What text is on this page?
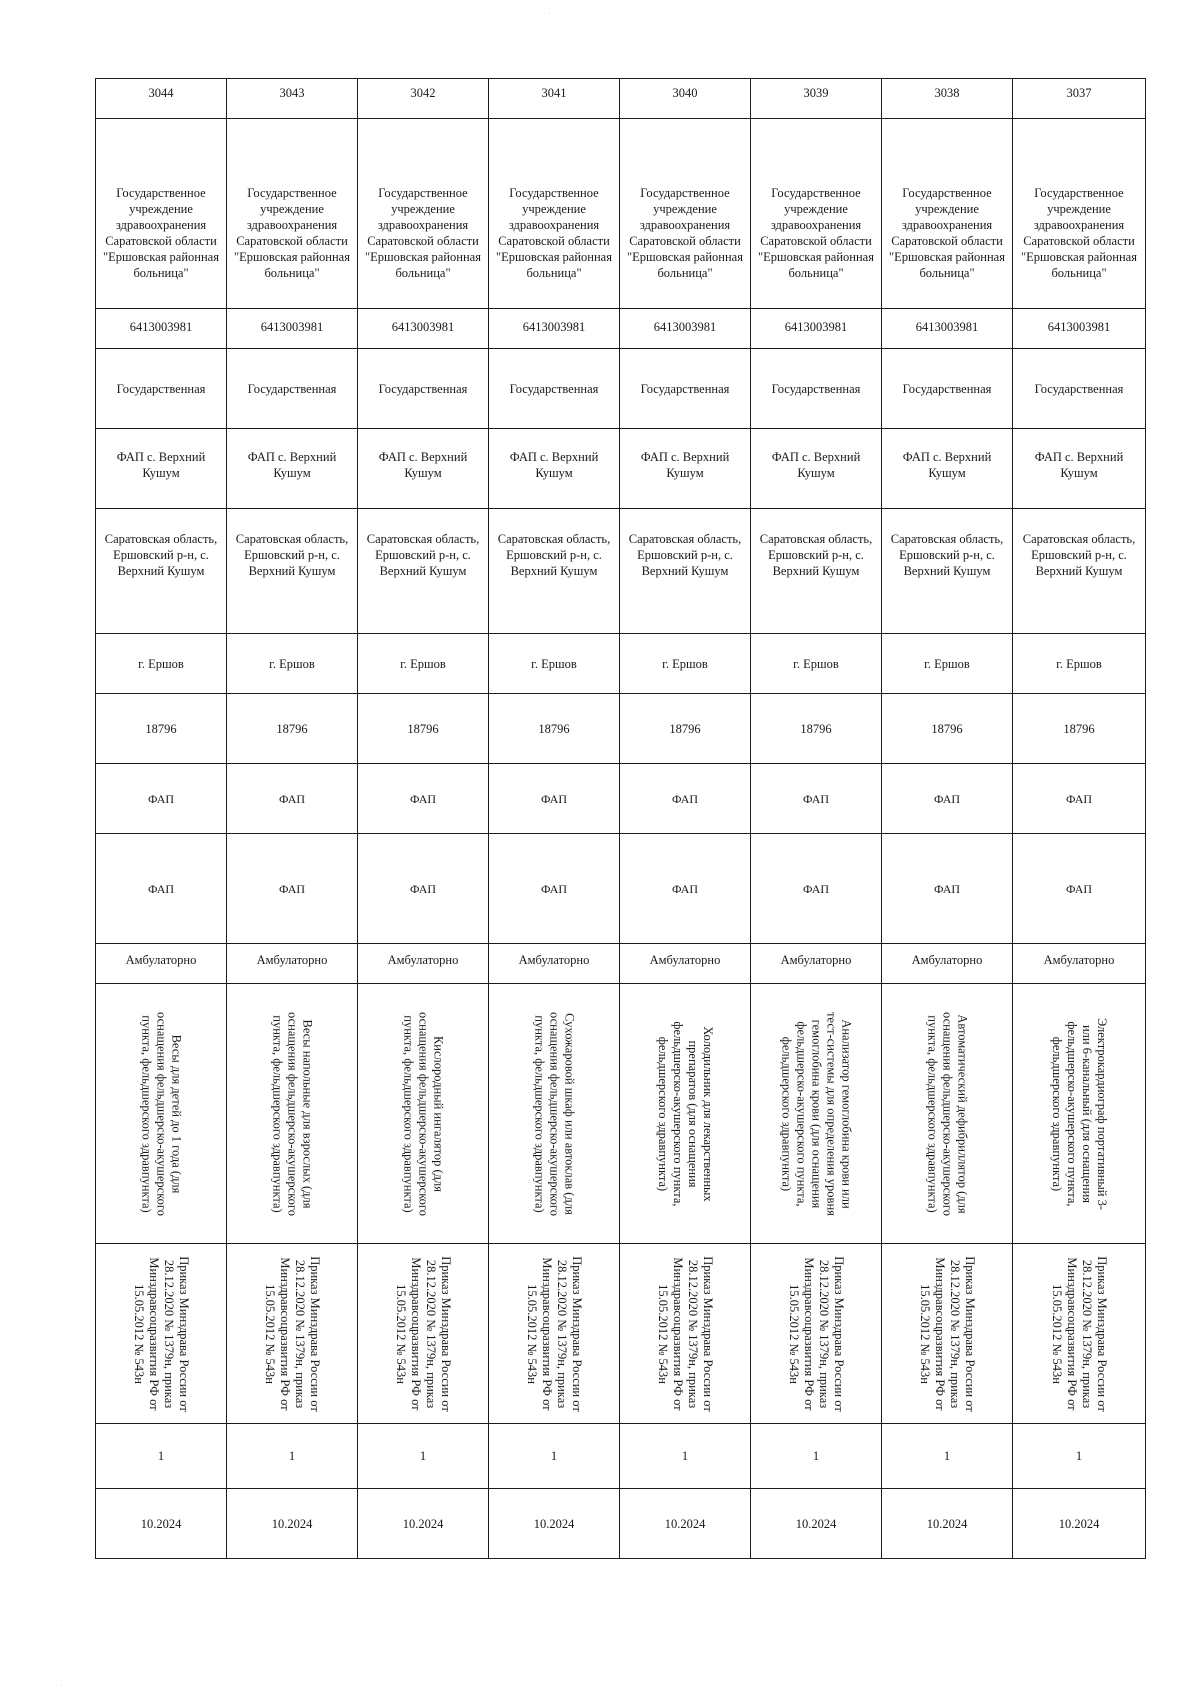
·
·
3044	3043	3042	3041	3040	3039	3038	3037
Государственное учреждение здравоохранения Саратовской области "Ершовская районная больница"	Государственное учреждение здравоохранения Саратовской области "Ершовская районная больница"	Государственное учреждение здравоохранения Саратовской области "Ершовская районная больница"	Государственное учреждение здравоохранения Саратовской области "Ершовская районная больница"	Государственное учреждение здравоохранения Саратовской области "Ершовская районная больница"	Государственное учреждение здравоохранения Саратовской области "Ершовская районная больница"	Государственное учреждение здравоохранения Саратовской области "Ершовская районная больница"	Государственное учреждение здравоохранения Саратовской области "Ершовская районная больница"
6413003981	6413003981	6413003981	6413003981	6413003981	6413003981	6413003981	6413003981
Государственная	Государственная	Государственная	Государственная	Государственная	Государственная	Государственная	Государственная
ФАП с. Верхний Кушум	ФАП с. Верхний Кушум	ФАП с. Верхний Кушум	ФАП с. Верхний Кушум	ФАП с. Верхний Кушум	ФАП с. Верхний Кушум	ФАП с. Верхний Кушум	ФАП с. Верхний Кушум
Саратовская область, Ершовский р-н, с. Верхний Кушум	Саратовская область, Ершовский р-н, с. Верхний Кушум	Саратовская область, Ершовский р-н, с. Верхний Кушум	Саратовская область, Ершовский р-н, с. Верхний Кушум	Саратовская область, Ершовский р-н, с. Верхний Кушум	Саратовская область, Ершовский р-н, с. Верхний Кушум	Саратовская область, Ершовский р-н, с. Верхний Кушум	Саратовская область, Ершовский р-н, с. Верхний Кушум
г. Ершов	г. Ершов	г. Ершов	г. Ершов	г. Ершов	г. Ершов	г. Ершов	г. Ершов
18796	18796	18796	18796	18796	18796	18796	18796
ФАП	ФАП	ФАП	ФАП	ФАП	ФАП	ФАП	ФАП
ФАП	ФАП	ФАП	ФАП	ФАП	ФАП	ФАП	ФАП
Амбулаторно	Амбулаторно	Амбулаторно	Амбулаторно	Амбулаторно	Амбулаторно	Амбулаторно	Амбулаторно

Весы для детей до 1 года (для оснащения фельдшерско-акушерского пункта, фельдшерского здравпункта)	Весы напольные для взрослых (для оснащения фельдшерско-акушерского пункта, фельдшерского здравпункта)	Кислородный ингалятор (для оснащения фельдшерско-акушерского пункта, фельдшерского здравпункта)	Сухожаровой шкаф или автоклав (для оснащения фельдшерско-акушерского пункта, фельдшерского здравпункта)	Холодильник для лекарственных препаратов (для оснащения фельдшерско-акушерского пункта, фельдшерского здравпункта)	Анализатор гемоглобина крови или тест-системы для определения уровня гемоглобина крови (для оснащения фельдшерско-акушерского пункта, фельдшерского здравпункта)	Автоматический дефибриллятор (для оснащения фельдшерско-акушерского пункта, фельдшерского здравпункта)	Электрокардиограф портативный 3- или 6-канальный (для оснащения фельдшерско-акушерского пункта, фельдшерского здравпункта)

Приказ Минздрава России от 28.12.2020 № 1379н, приказ Минздравсоцразвития РФ от 15.05.2012 № 543н	Приказ Минздрава России от 28.12.2020 № 1379н, приказ Минздравсоцразвития РФ от 15.05.2012 № 543н	Приказ Минздрава России от 28.12.2020 № 1379н, приказ Минздравсоцразвития РФ от 15.05.2012 № 543н	Приказ Минздрава России от 28.12.2020 № 1379н, приказ Минздравсоцразвития РФ от 15.05.2012 № 543н	Приказ Минздрава России от 28.12.2020 № 1379н, приказ Минздравсоцразвития РФ от 15.05.2012 № 543н	Приказ Минздрава России от 28.12.2020 № 1379н, приказ Минздравсоцразвития РФ от 15.05.2012 № 543н	Приказ Минздрава России от 28.12.2020 № 1379н, приказ Минздравсоцразвития РФ от 15.05.2012 № 543н	Приказ Минздрава России от 28.12.2020 № 1379н, приказ Минздравсоцразвития РФ от 15.05.2012 № 543н

1	1	1	1	1	1	1	1
10.2024	10.2024	10.2024	10.2024	10.2024	10.2024	10.2024	10.2024
